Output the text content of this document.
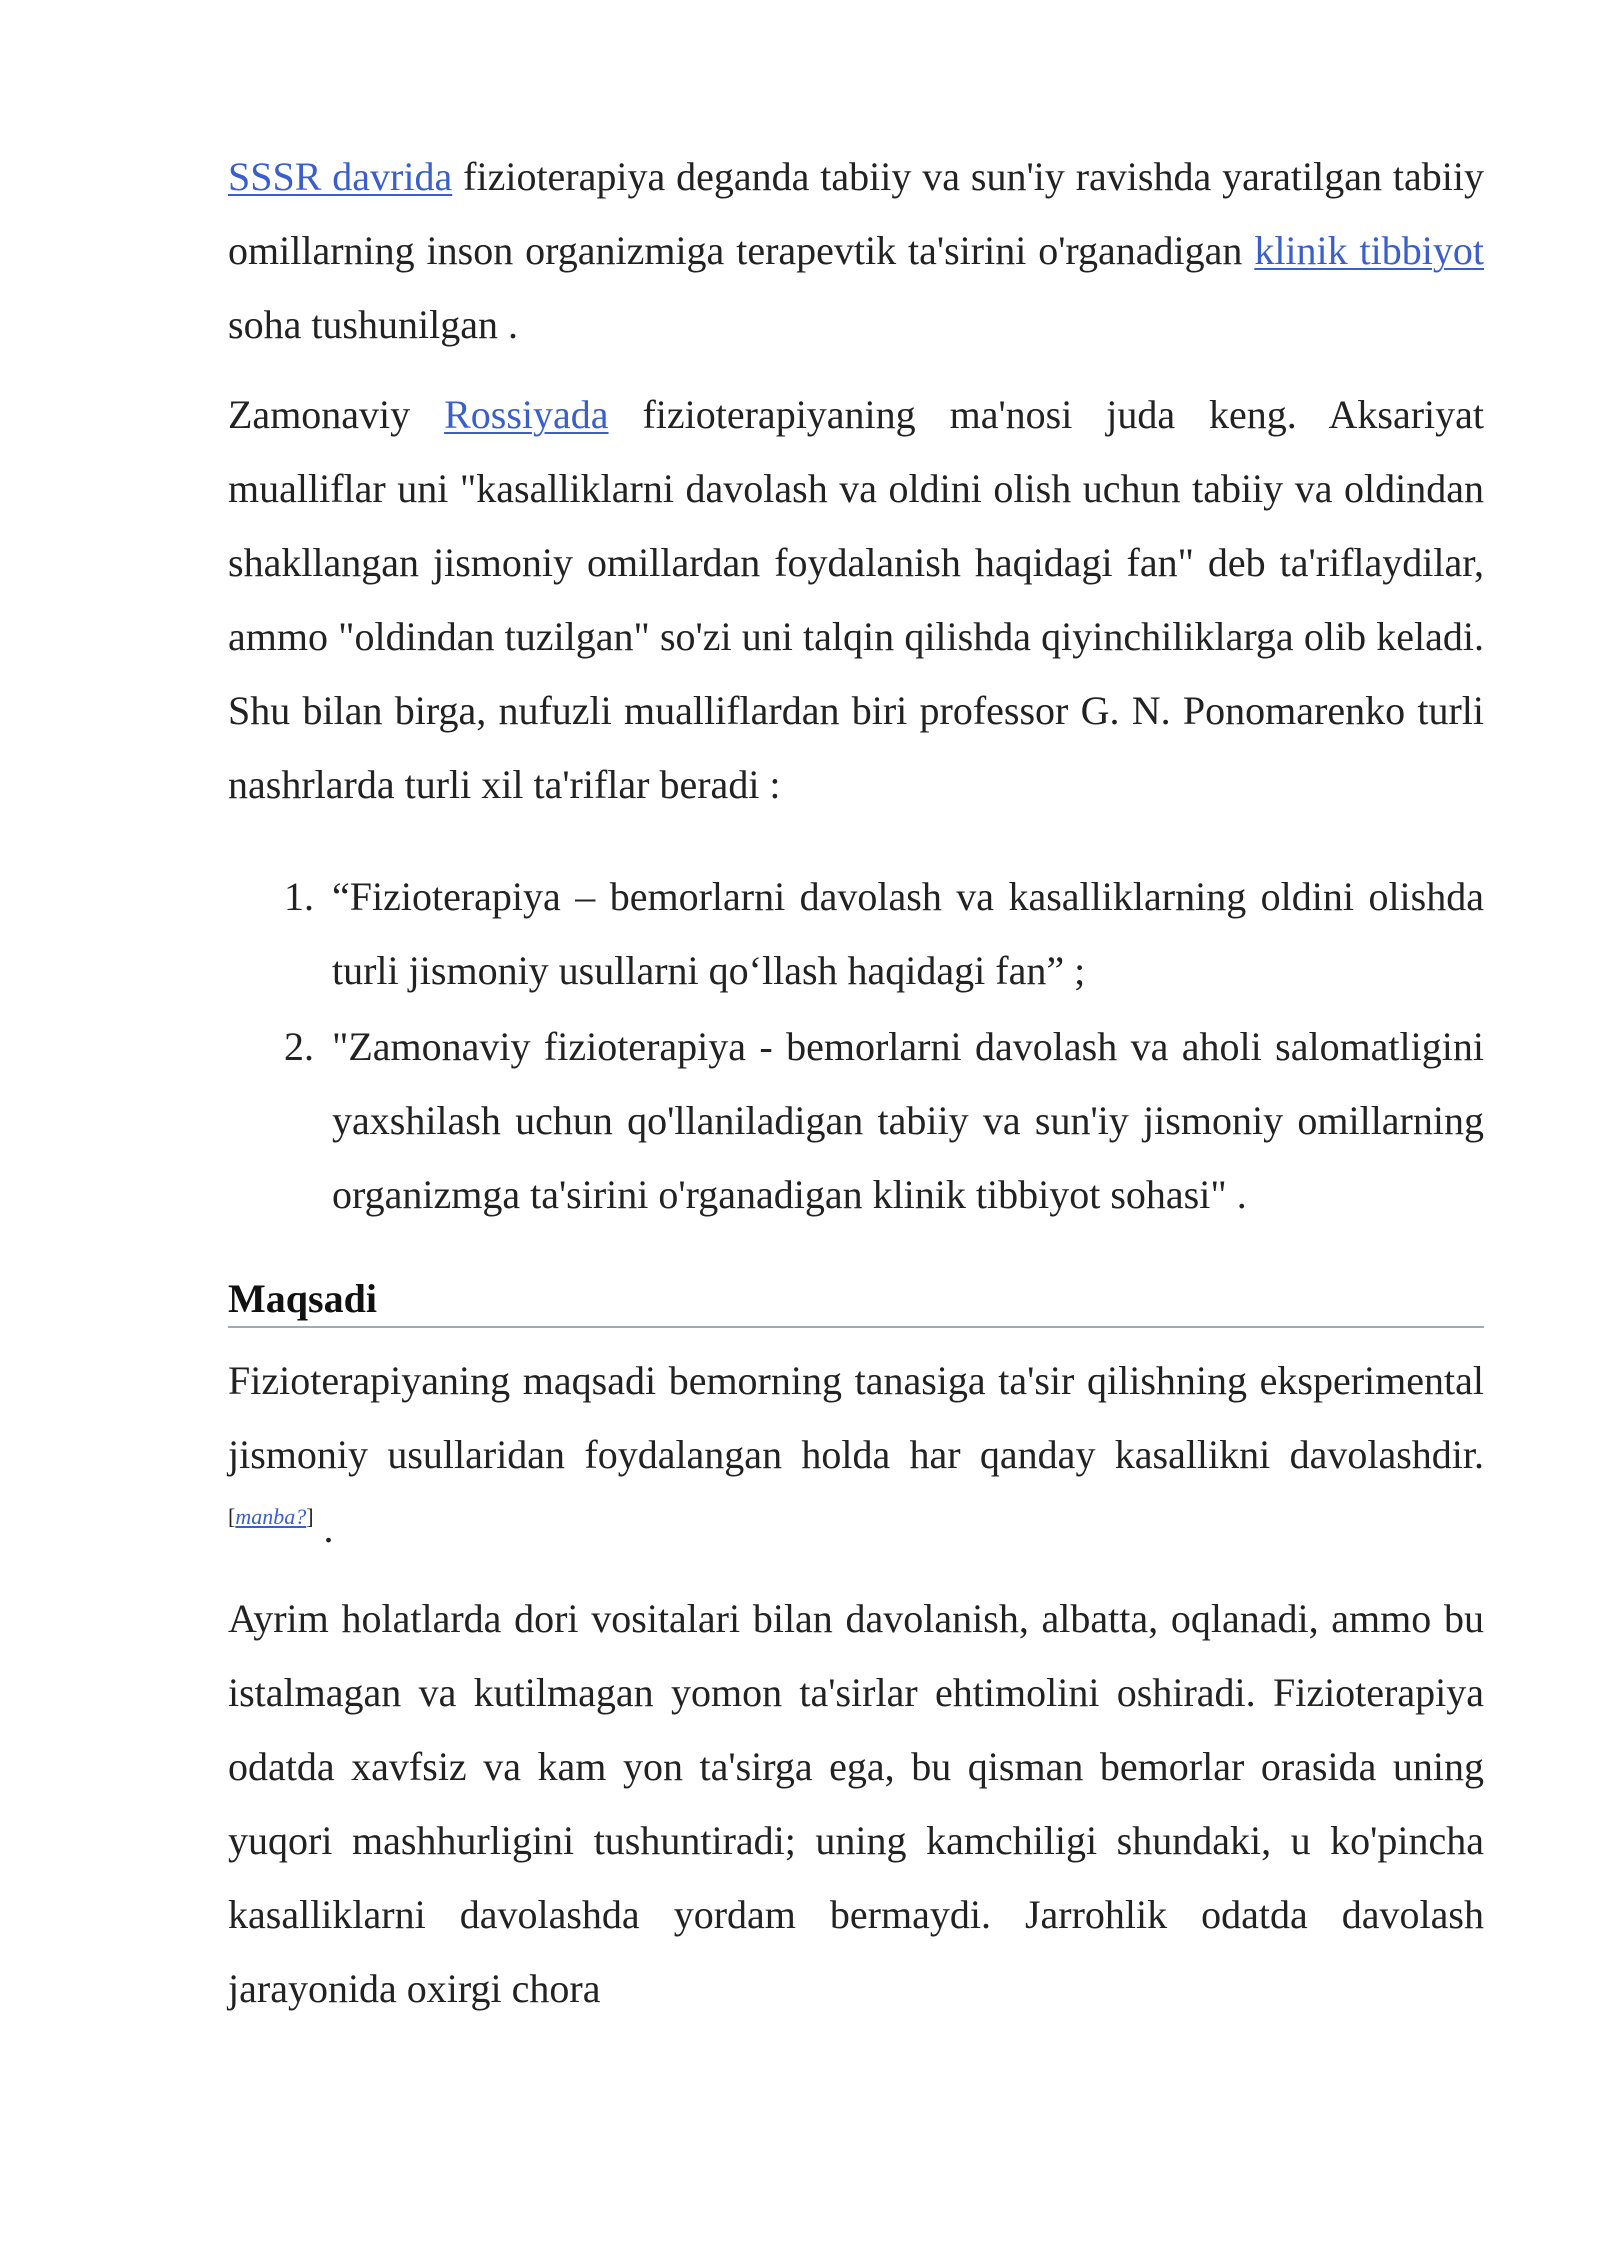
SSSR davrida fizioterapiya deganda tabiiy va sun'iy ravishda yaratilgan tabiiy omillarning inson organizmiga terapevtik ta'sirini o'rganadigan klinik tibbiyot soha tushunilgan .

Zamonaviy Rossiyada fizioterapiyaning ma'nosi juda keng. Aksariyat mualliflar uni "kasalliklarni davolash va oldini olish uchun tabiiy va oldindan shakllangan jismoniy omillardan foydalanish haqidagi fan" deb ta'riflaydilar, ammo "oldindan tuzilgan" so'zi uni talqin qilishda qiyinchiliklarga olib keladi. Shu bilan birga, nufuzli mualliflardan biri professor G. N. Ponomarenko turli nashrlarda turli xil ta'riflar beradi :

1. “Fizioterapiya – bemorlarni davolash va kasalliklarning oldini olishda turli jismoniy usullarni qo‘llash haqidagi fan” ;
2. "Zamonaviy fizioterapiya - bemorlarni davolash va aholi salomatligini yaxshilash uchun qo'llaniladigan tabiiy va sun'iy jismoniy omillarning organizmga ta'sirini o'rganadigan klinik tibbiyot sohasi" .
Maqsadi

Fizioterapiyaning maqsadi bemorning tanasiga ta'sir qilishning eksperimental jismoniy usullaridan foydalangan holda har qanday kasallikni davolashdir.[manba?] .

Ayrim holatlarda dori vositalari bilan davolanish, albatta, oqlanadi, ammo bu istalmagan va kutilmagan yomon ta'sirlar ehtimolini oshiradi. Fizioterapiya odatda xavfsiz va kam yon ta'sirga ega, bu qisman bemorlar orasida uning yuqori mashhurligini tushuntiradi; uning kamchiligi shundaki, u ko'pincha kasalliklarni davolashda yordam bermaydi. Jarrohlik odatda davolash jarayonida oxirgi chora
